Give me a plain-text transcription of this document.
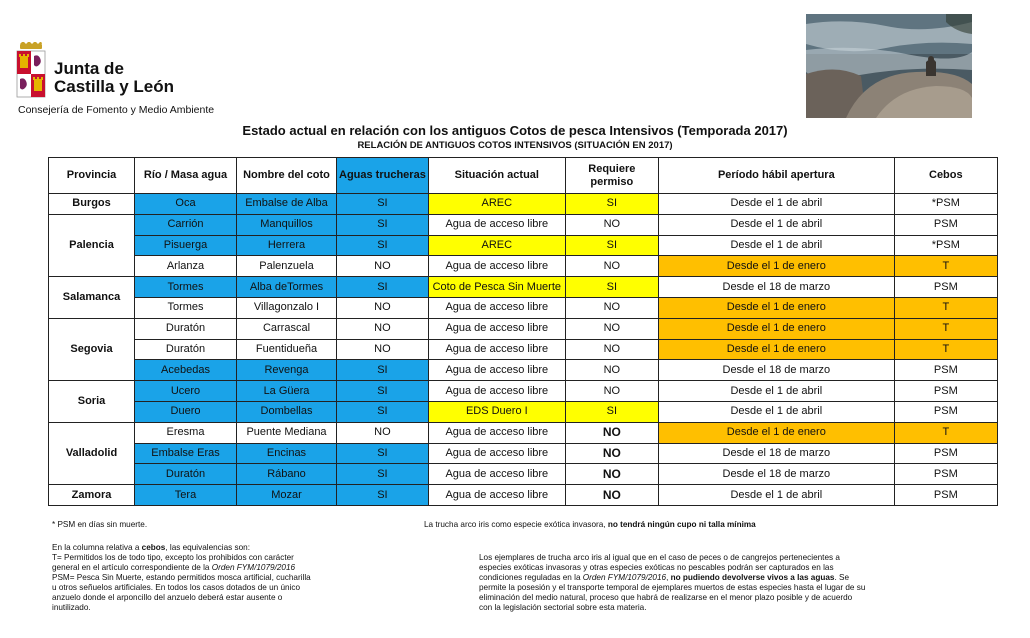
Junta de
Castilla y León
Consejería de Fomento y Medio Ambiente
Estado actual en relación con los antiguos Cotos de pesca Intensivos (Temporada 2017)
RELACIÓN DE ANTIGUOS COTOS INTENSIVOS (SITUACIÓN EN 2017)
Provincia	Río / Masa agua	Nombre del coto	Aguas trucheras	Situación actual	Requiere permiso	Período hábil apertura	Cebos
Burgos	Oca	Embalse de Alba	SI	AREC	SI	Desde el 1 de abril	*PSM
Palencia	Carrión	Manquillos	SI	Agua de acceso libre	NO	Desde el 1 de abril	PSM
	Pisuerga	Herrera	SI	AREC	SI	Desde el 1 de abril	*PSM
	Arlanza	Palenzuela	NO	Agua de acceso libre	NO	Desde el 1 de enero	T
Salamanca	Tormes	Alba deTormes	SI	Coto de Pesca Sin Muerte	SI	Desde el 18 de marzo	PSM
	Tormes	Villagonzalo I	NO	Agua de acceso libre	NO	Desde el 1 de enero	T
Segovia	Duratón	Carrascal	NO	Agua de acceso libre	NO	Desde el 1 de enero	T
	Duratón	Fuentidueña	NO	Agua de acceso libre	NO	Desde el 1 de enero	T
	Acebedas	Revenga	SI	Agua de acceso libre	NO	Desde el 18 de marzo	PSM
Soria	Ucero	La Güera	SI	Agua de acceso libre	NO	Desde el 1 de abril	PSM
	Duero	Dombellas	SI	EDS Duero I	SI	Desde el 1 de abril	PSM
Valladolid	Eresma	Puente Mediana	NO	Agua de acceso libre	NO	Desde el 1 de enero	T
	Embalse Eras	Encinas	SI	Agua de acceso libre	NO	Desde el 18 de marzo	PSM
	Duratón	Rábano	SI	Agua de acceso libre	NO	Desde el 18 de marzo	PSM
Zamora	Tera	Mozar	SI	Agua de acceso libre	NO	Desde el 1 de abril	PSM
* PSM en días sin muerte.
En la columna relativa a cebos, las equivalencias son:
T= Permitidos los de todo tipo, excepto los prohibidos con carácter general en el artículo correspondiente de la Orden FYM/1079/2016
PSM= Pesca Sin Muerte, estando permitidos mosca artificial, cucharilla u otros señuelos artificiales. En todos los casos dotados de un único anzuelo donde el arponcillo del anzuelo deberá estar ausente o inutilizado.
La trucha arco iris como especie exótica invasora, no tendrá ningún cupo ni talla mínima
Los ejemplares de trucha arco iris al igual que en el caso de peces o de cangrejos pertenecientes a especies exóticas invasoras y otras especies exóticas no pescables podrán ser capturados en las condiciones reguladas en la Orden FYM/1079/2016, no pudiendo devolverse vivos a las aguas. Se permite la posesión y el transporte temporal de ejemplares muertos de estas especies hasta el lugar de su eliminación del medio natural, proceso que habrá de realizarse en el menor plazo posible y de acuerdo con la legislación sectorial sobre esta materia.
